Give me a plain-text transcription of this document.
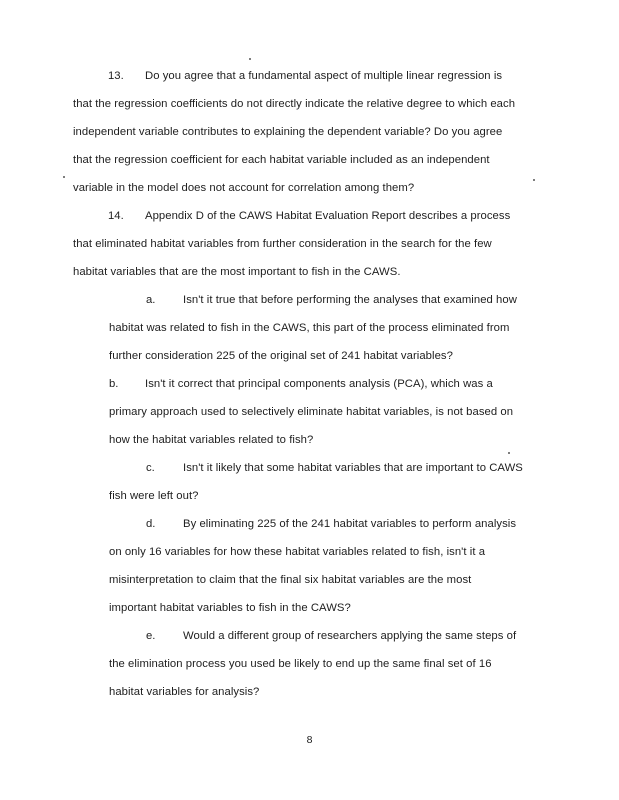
13. Do you agree that a fundamental aspect of multiple linear regression is
that the regression coefficients do not directly indicate the relative degree to which each
independent variable contributes to explaining the dependent variable? Do you agree
that the regression coefficient for each habitat variable included as an independent
variable in the model does not account for correlation among them?
14. Appendix D of the CAWS Habitat Evaluation Report describes a process
that eliminated habitat variables from further consideration in the search for the few
habitat variables that are the most important to fish in the CAWS.
a. Isn't it true that before performing the analyses that examined how
habitat was related to fish in the CAWS, this part of the process eliminated from
further consideration 225 of the original set of 241 habitat variables?
b. Isn't it correct that principal components analysis (PCA), which was a
primary approach used to selectively eliminate habitat variables, is not based on
how the habitat variables related to fish?
c. Isn't it likely that some habitat variables that are important to CAWS
fish were left out?
d. By eliminating 225 of the 241 habitat variables to perform analysis
on only 16 variables for how these habitat variables related to fish, isn't it a
misinterpretation to claim that the final six habitat variables are the most
important habitat variables to fish in the CAWS?
e. Would a different group of researchers applying the same steps of
the elimination process you used be likely to end up the same final set of 16
habitat variables for analysis?
8
